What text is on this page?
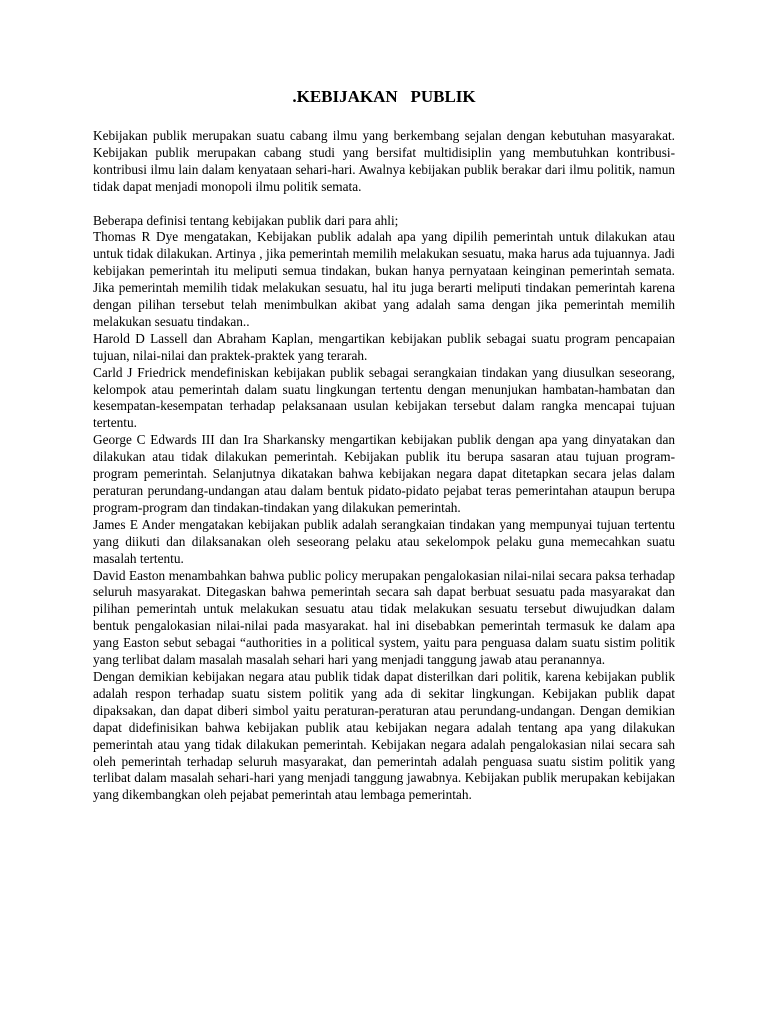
.KEBIJAKAN   PUBLIK

Kebijakan publik merupakan suatu cabang ilmu yang berkembang sejalan dengan kebutuhan masyarakat. Kebijakan publik merupakan cabang studi yang bersifat multidisiplin yang membutuhkan kontribusi-kontribusi ilmu lain dalam kenyataan sehari-hari. Awalnya kebijakan publik berakar dari ilmu politik, namun tidak dapat menjadi monopoli ilmu politik semata.

Beberapa definisi tentang kebijakan publik dari para ahli;

Thomas R Dye mengatakan, Kebijakan publik adalah apa yang dipilih pemerintah untuk dilakukan atau untuk tidak dilakukan. Artinya , jika pemerintah memilih melakukan sesuatu, maka harus ada tujuannya. Jadi kebijakan pemerintah itu meliputi semua tindakan, bukan hanya pernyataan keinginan pemerintah semata. Jika pemerintah memilih tidak melakukan sesuatu, hal itu juga berarti meliputi tindakan pemerintah karena dengan pilihan tersebut telah menimbulkan akibat yang adalah sama dengan jika pemerintah memilih melakukan sesuatu tindakan..

Harold D Lassell dan Abraham Kaplan, mengartikan kebijakan publik sebagai suatu program pencapaian tujuan, nilai-nilai dan praktek-praktek yang terarah.

Carld J Friedrick mendefiniskan kebijakan publik sebagai serangkaian tindakan yang diusulkan seseorang, kelompok atau pemerintah dalam suatu lingkungan tertentu dengan menunjukan hambatan-hambatan dan kesempatan-kesempatan terhadap pelaksanaan usulan kebijakan tersebut dalam rangka mencapai tujuan tertentu.

George C Edwards III dan Ira Sharkansky mengartikan kebijakan publik dengan apa yang dinyatakan dan dilakukan atau tidak dilakukan pemerintah. Kebijakan publik itu berupa sasaran atau tujuan program-program pemerintah. Selanjutnya dikatakan bahwa kebijakan negara dapat ditetapkan secara jelas dalam peraturan perundang-undangan atau dalam bentuk pidato-pidato pejabat teras pemerintahan ataupun berupa program-program dan tindakan-tindakan yang dilakukan pemerintah.

James E Ander mengatakan kebijakan publik adalah serangkaian tindakan yang mempunyai tujuan tertentu yang diikuti dan dilaksanakan oleh seseorang pelaku atau sekelompok pelaku guna memecahkan suatu masalah tertentu.

David Easton menambahkan bahwa public policy merupakan pengalokasian nilai-nilai secara paksa terhadap seluruh masyarakat. Ditegaskan bahwa pemerintah secara sah dapat berbuat sesuatu pada masyarakat dan pilihan pemerintah untuk melakukan sesuatu atau tidak melakukan sesuatu tersebut diwujudkan dalam bentuk pengalokasian nilai-nilai pada masyarakat. hal ini disebabkan pemerintah termasuk ke dalam apa yang Easton sebut sebagai “authorities in a political system, yaitu para penguasa dalam suatu sistim politik yang terlibat dalam masalah masalah sehari hari yang menjadi tanggung jawab atau peranannya.

Dengan demikian kebijakan negara atau publik tidak dapat disterilkan dari politik, karena kebijakan publik adalah respon terhadap suatu sistem politik yang ada di sekitar lingkungan. Kebijakan publik dapat dipaksakan, dan dapat diberi simbol yaitu peraturan-peraturan atau perundang-undangan. Dengan demikian dapat didefinisikan bahwa kebijakan publik atau kebijakan negara adalah tentang apa yang dilakukan pemerintah atau yang tidak dilakukan pemerintah. Kebijakan negara adalah pengalokasian nilai secara sah oleh pemerintah terhadap seluruh masyarakat, dan pemerintah adalah penguasa suatu sistim politik yang terlibat dalam masalah sehari-hari yang menjadi tanggung jawabnya. Kebijakan publik merupakan kebijakan yang dikembangkan oleh pejabat pemerintah atau lembaga pemerintah.
